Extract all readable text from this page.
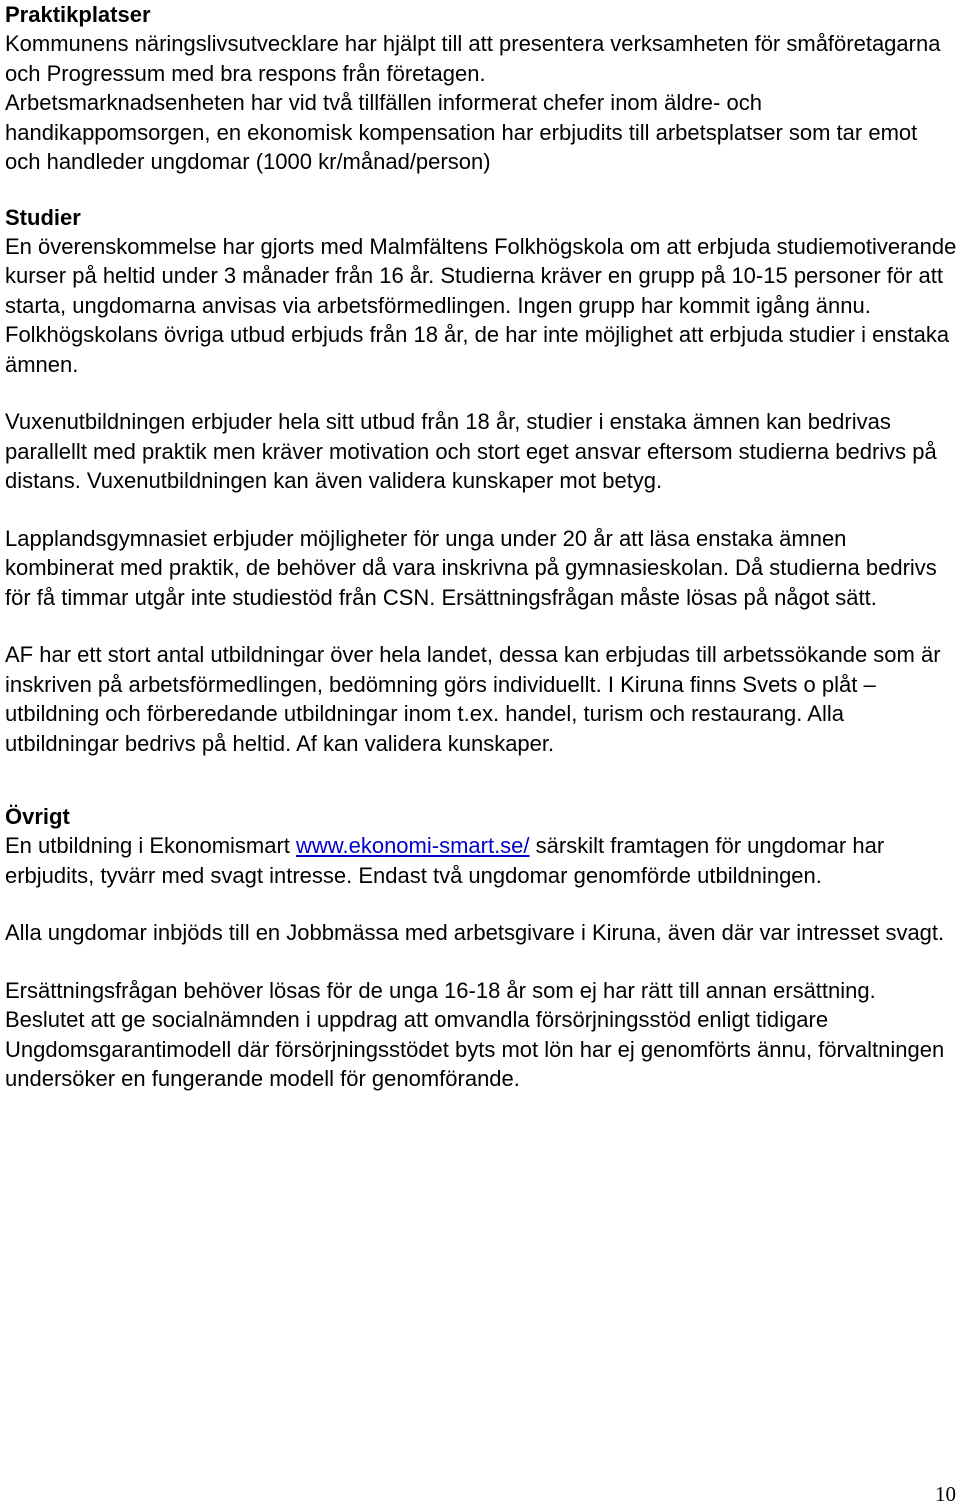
Praktikplatser

Kommunens näringslivsutvecklare har hjälpt till att presentera verksamheten för småföretagarna och Progressum med bra respons från företagen.

Arbetsmarknadsenheten har vid två tillfällen informerat chefer inom äldre- och handikappomsorgen, en ekonomisk kompensation har erbjudits till arbetsplatser som tar emot och handleder ungdomar (1000 kr/månad/person)

Studier

En överenskommelse har gjorts med Malmfältens Folkhögskola om att erbjuda studiemotiverande kurser på heltid under 3 månader från 16 år. Studierna kräver en grupp på 10-15 personer för att starta, ungdomarna anvisas via arbetsförmedlingen. Ingen grupp har kommit igång ännu. Folkhögskolans övriga utbud erbjuds från 18 år, de har inte möjlighet att erbjuda studier i enstaka ämnen.

Vuxenutbildningen erbjuder hela sitt utbud från 18 år, studier i enstaka ämnen kan bedrivas parallellt med praktik men kräver motivation och stort eget ansvar eftersom studierna bedrivs på distans. Vuxenutbildningen kan även validera kunskaper mot betyg.

Lapplandsgymnasiet erbjuder möjligheter för unga under 20 år att läsa enstaka ämnen kombinerat med praktik, de behöver då vara inskrivna på gymnasieskolan. Då studierna bedrivs för få timmar utgår inte studiestöd från CSN. Ersättningsfrågan måste lösas på något sätt.

AF har ett stort antal utbildningar över hela landet, dessa kan erbjudas till arbetssökande som är inskriven på arbetsförmedlingen, bedömning görs individuellt. I Kiruna finns Svets o plåt – utbildning och förberedande utbildningar inom t.ex. handel, turism och restaurang. Alla utbildningar bedrivs på heltid. Af kan validera kunskaper.

Övrigt

En utbildning i Ekonomismart www.ekonomi-smart.se/ särskilt framtagen för ungdomar har erbjudits, tyvärr med svagt intresse. Endast två ungdomar genomförde utbildningen.

Alla ungdomar inbjöds till en Jobbmässa med arbetsgivare i Kiruna, även där var intresset svagt.

Ersättningsfrågan behöver lösas för de unga 16-18 år som ej har rätt till annan ersättning. Beslutet att ge socialnämnden i uppdrag att omvandla försörjningsstöd enligt tidigare Ungdomsgarantimodell där försörjningsstödet byts mot lön har ej genomförts ännu, förvaltningen undersöker en fungerande modell för genomförande.

10
